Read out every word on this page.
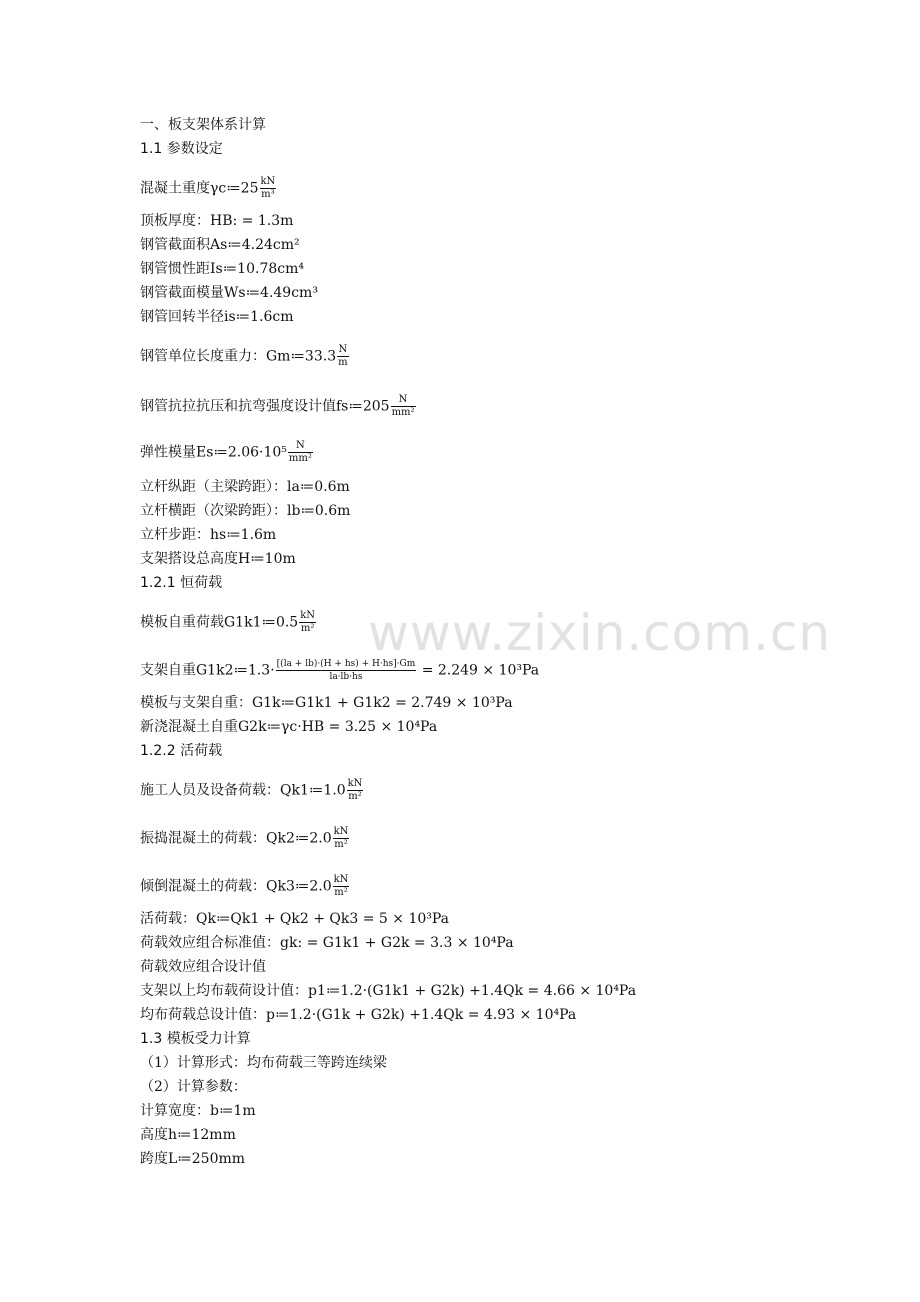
www.zixin.com.cn
一、板支架体系计算
1.1 参数设定
混凝土重度γc≔25 $\frac{kN}{\text{m³}}$
顶板厚度：HB: = 1.3m
钢管截面积As≔4.24cm²
钢管惯性距Is≔10.78cm⁴
钢管截面模量Ws≔4.49cm³
钢管回转半径is≔1.6cm
钢管单位长度重力：Gm≔33.3 $\frac{N}{m}$
钢管抗拉抗压和抗弯强度设计值fs≔205 $\frac{N}{\text{mm²}}$
弹性模量Es≔2.06·10⁵ $\frac{N}{\text{mm²}}$
立杆纵距（主梁跨距）：la≔0.6m
立杆横距（次梁跨距）：lb≔0.6m
立杆步距：hs≔1.6m
支架搭设总高度H≔10m
1.2.1 恒荷载
模板自重荷载G1k1≔0.5 $\frac{kN}{\text{m²}}$
支架自重G1k2≔1.3· $\frac{[(la + lb)\cdot(H + hs) + H\cdot hs]\cdot Gm}{la\cdot lb\cdot hs} = 2.249 \times 10^3Pa$
模板与支架自重：G1k≔G1k1 + G1k2 = 2.749 × 10³Pa
新浇混凝土自重G2k≔γc·HB = 3.25 × 10⁴Pa
1.2.2 活荷载
施工人员及设备荷载：Qk1≔1.0 $\frac{kN}{\text{m²}}$
振捣混凝土的荷载：Qk2≔2.0 $\frac{kN}{\text{m²}}$
倾倒混凝土的荷载：Qk3≔2.0 $\frac{kN}{\text{m²}}$
活荷载：Qk≔Qk1 + Qk2 + Qk3 = 5 × 10³Pa
荷载效应组合标准值：gk: = G1k1 + G2k = 3.3 × 10⁴Pa
荷载效应组合设计值
支架以上均布载荷设计值：p1≔1.2·(G1k1 + G2k) +1.4Qk = 4.66 × 10⁴Pa
均布荷载总设计值：p≔1.2·(G1k + G2k) +1.4Qk = 4.93 × 10⁴Pa
1.3 模板受力计算
（1）计算形式：均布荷载三等跨连续梁
（2）计算参数：
计算宽度：b≔1m
高度h≔12mm
跨度L≔250mm
